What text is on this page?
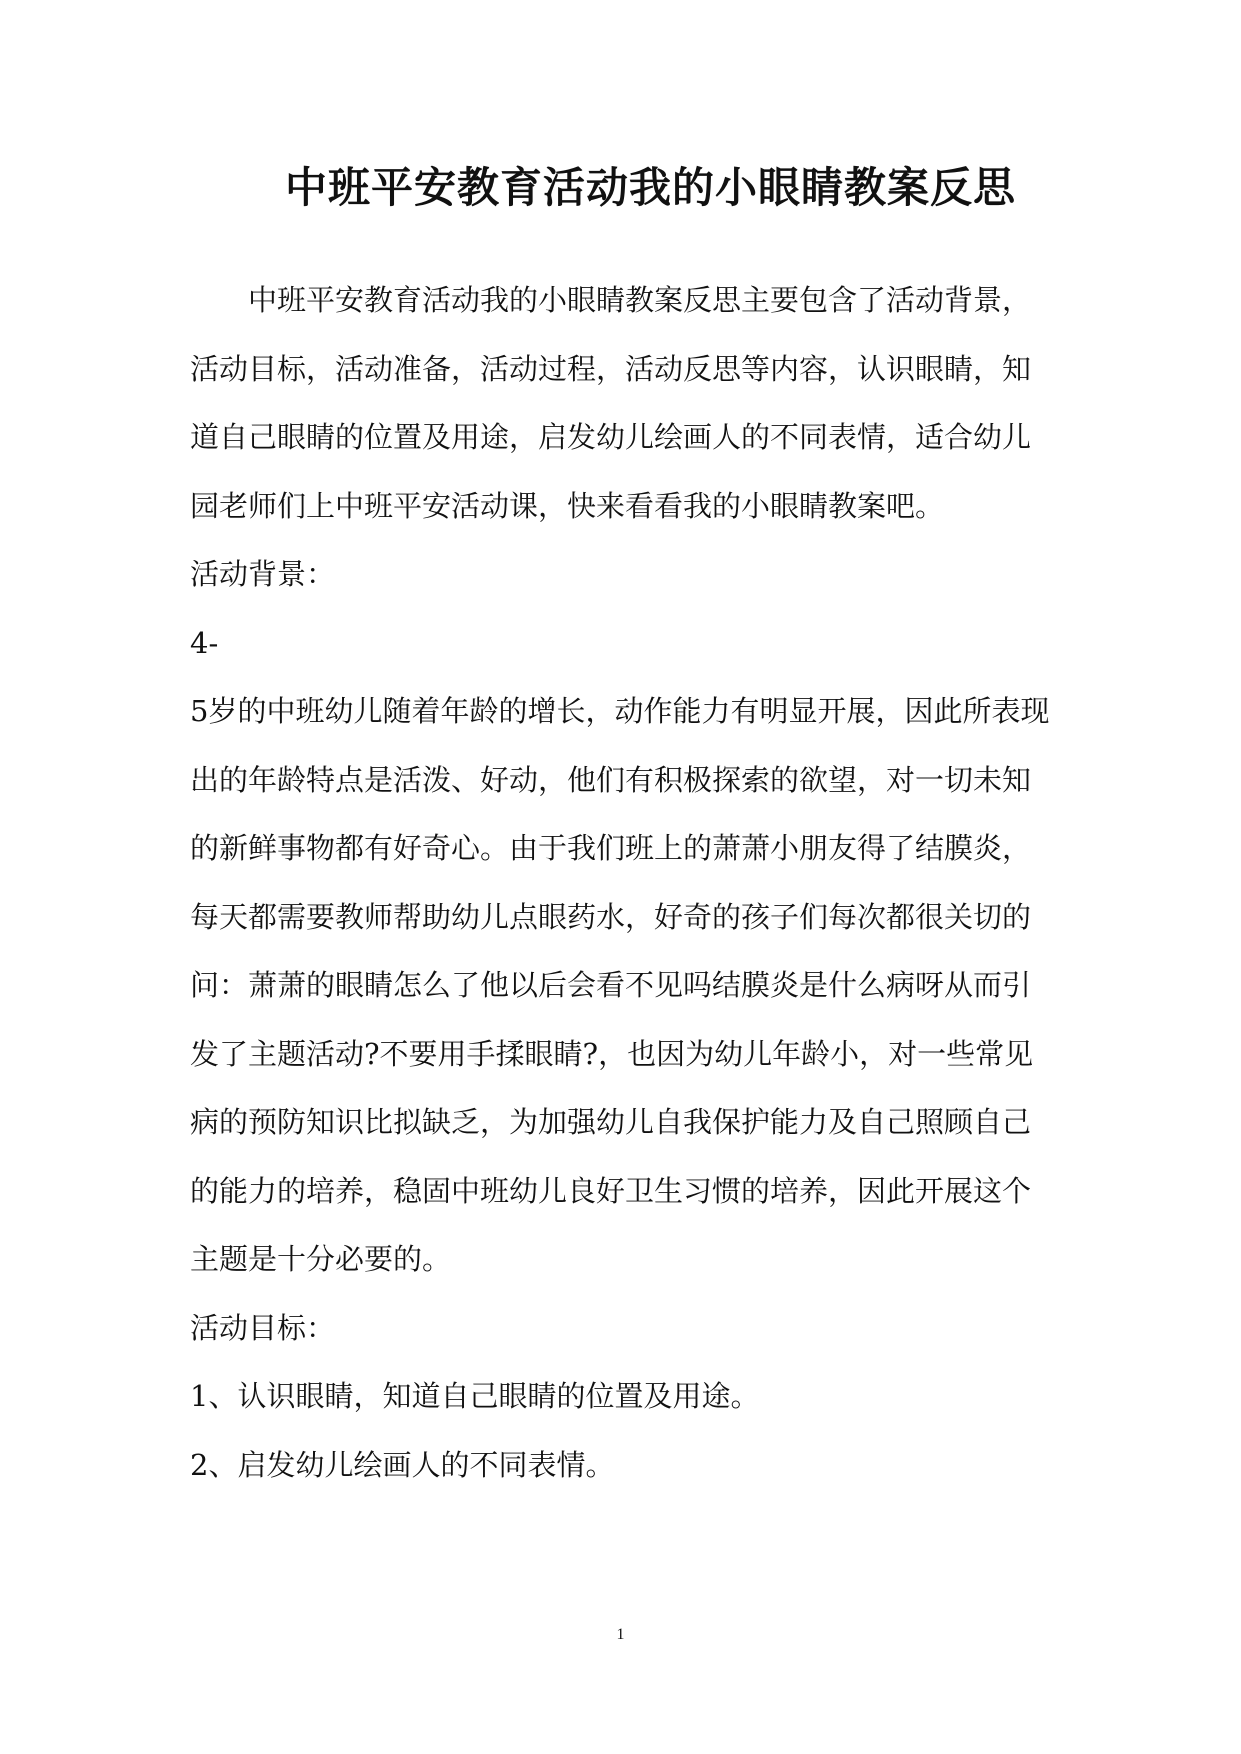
中班平安教育活动我的小眼睛教案反思

中班平安教育活动我的小眼睛教案反思主要包含了活动背景，

活动目标，活动准备，活动过程，活动反思等内容，认识眼睛，知

道自己眼睛的位置及用途，启发幼儿绘画人的不同表情，适合幼儿

园老师们上中班平安活动课，快来看看我的小眼睛教案吧。

活动背景：

4-

5岁的中班幼儿随着年龄的增长，动作能力有明显开展，因此所表现

出的年龄特点是活泼、好动，他们有积极探索的欲望，对一切未知

的新鲜事物都有好奇心。由于我们班上的萧萧小朋友得了结膜炎，

每天都需要教师帮助幼儿点眼药水，好奇的孩子们每次都很关切的

问：萧萧的眼睛怎么了他以后会看不见吗结膜炎是什么病呀从而引

发了主题活动?不要用手揉眼睛?，也因为幼儿年龄小，对一些常见

病的预防知识比拟缺乏，为加强幼儿自我保护能力及自己照顾自己

的能力的培养，稳固中班幼儿良好卫生习惯的培养，因此开展这个

主题是十分必要的。

活动目标：

1、认识眼睛，知道自己眼睛的位置及用途。

2、启发幼儿绘画人的不同表情。

1
